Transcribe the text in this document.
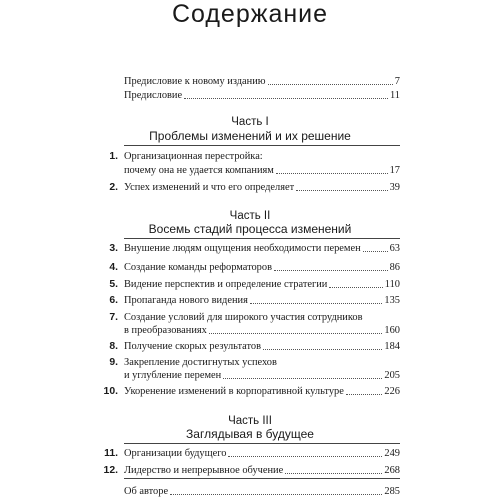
Содержание
Предисловие к новому изданию	7
Предисловие	11
Часть I
Проблемы изменений и их решение
1. Организационная перестройка:
почему она не удается компаниям	17
2. Успех изменений и что его определяет	39
Часть II
Восемь стадий процесса изменений
3. Внушение людям ощущения необходимости перемен	63
4. Создание команды реформаторов	86
5. Видение перспектив и определение стратегии	110
6. Пропаганда нового видения	135
7. Создание условий для широкого участия сотрудников
в преобразованиях	160
8. Получение скорых результатов	184
9. Закрепление достигнутых успехов
и углубление перемен	205
10. Укоренение изменений в корпоративной культуре	226
Часть III
Заглядывая в будущее
11. Организации будущего	249
12. Лидерство и непрерывное обучение	268
Об авторе	285
